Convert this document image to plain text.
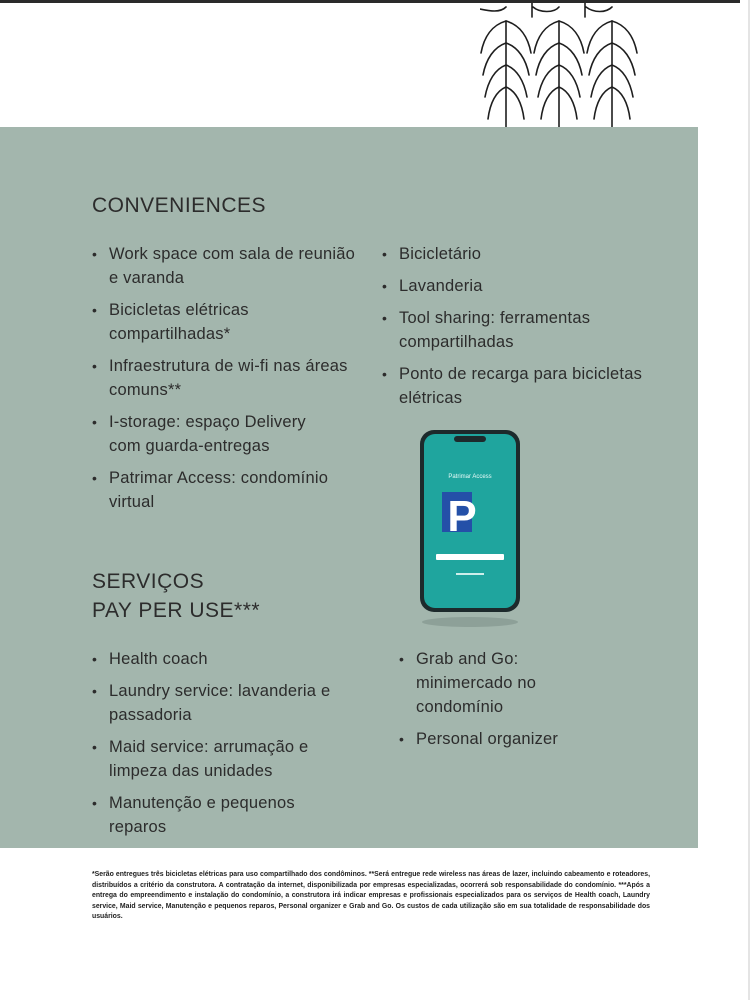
CONVENIENCES
• Work space com sala de reunião e varanda
• Bicicletas elétricas compartilhadas*
• Infraestrutura de wi-fi nas áreas comuns**
• I-storage: espaço Delivery com guarda-entregas
• Patrimar Access: condomínio virtual
• Bicicletário
• Lavanderia
• Tool sharing: ferramentas compartilhadas
• Ponto de recarga para bicicletas elétricas
Patrimar Access
P
SERVIÇOS
PAY PER USE***
• Health coach
• Laundry service: lavanderia e passadoria
• Maid service: arrumação e limpeza das unidades
• Manutenção e pequenos reparos
• Grab and Go: minimercado no condomínio
• Personal organizer

*Serão entregues três bicicletas elétricas para uso compartilhado dos condôminos. **Será entregue rede wireless nas áreas de lazer, incluindo cabeamento e roteadores, distribuídos a critério da construtora. A contratação da internet, disponibilizada por empresas especializadas, ocorrerá sob responsabilidade do condomínio. ***Após a entrega do empreendimento e instalação do condomínio, a construtora irá indicar empresas e profissionais especializados para os serviços de Health coach, Laundry service, Maid service, Manutenção e pequenos reparos, Personal organizer e Grab and Go. Os custos de cada utilização são em sua totalidade de responsabilidade dos usuários.
